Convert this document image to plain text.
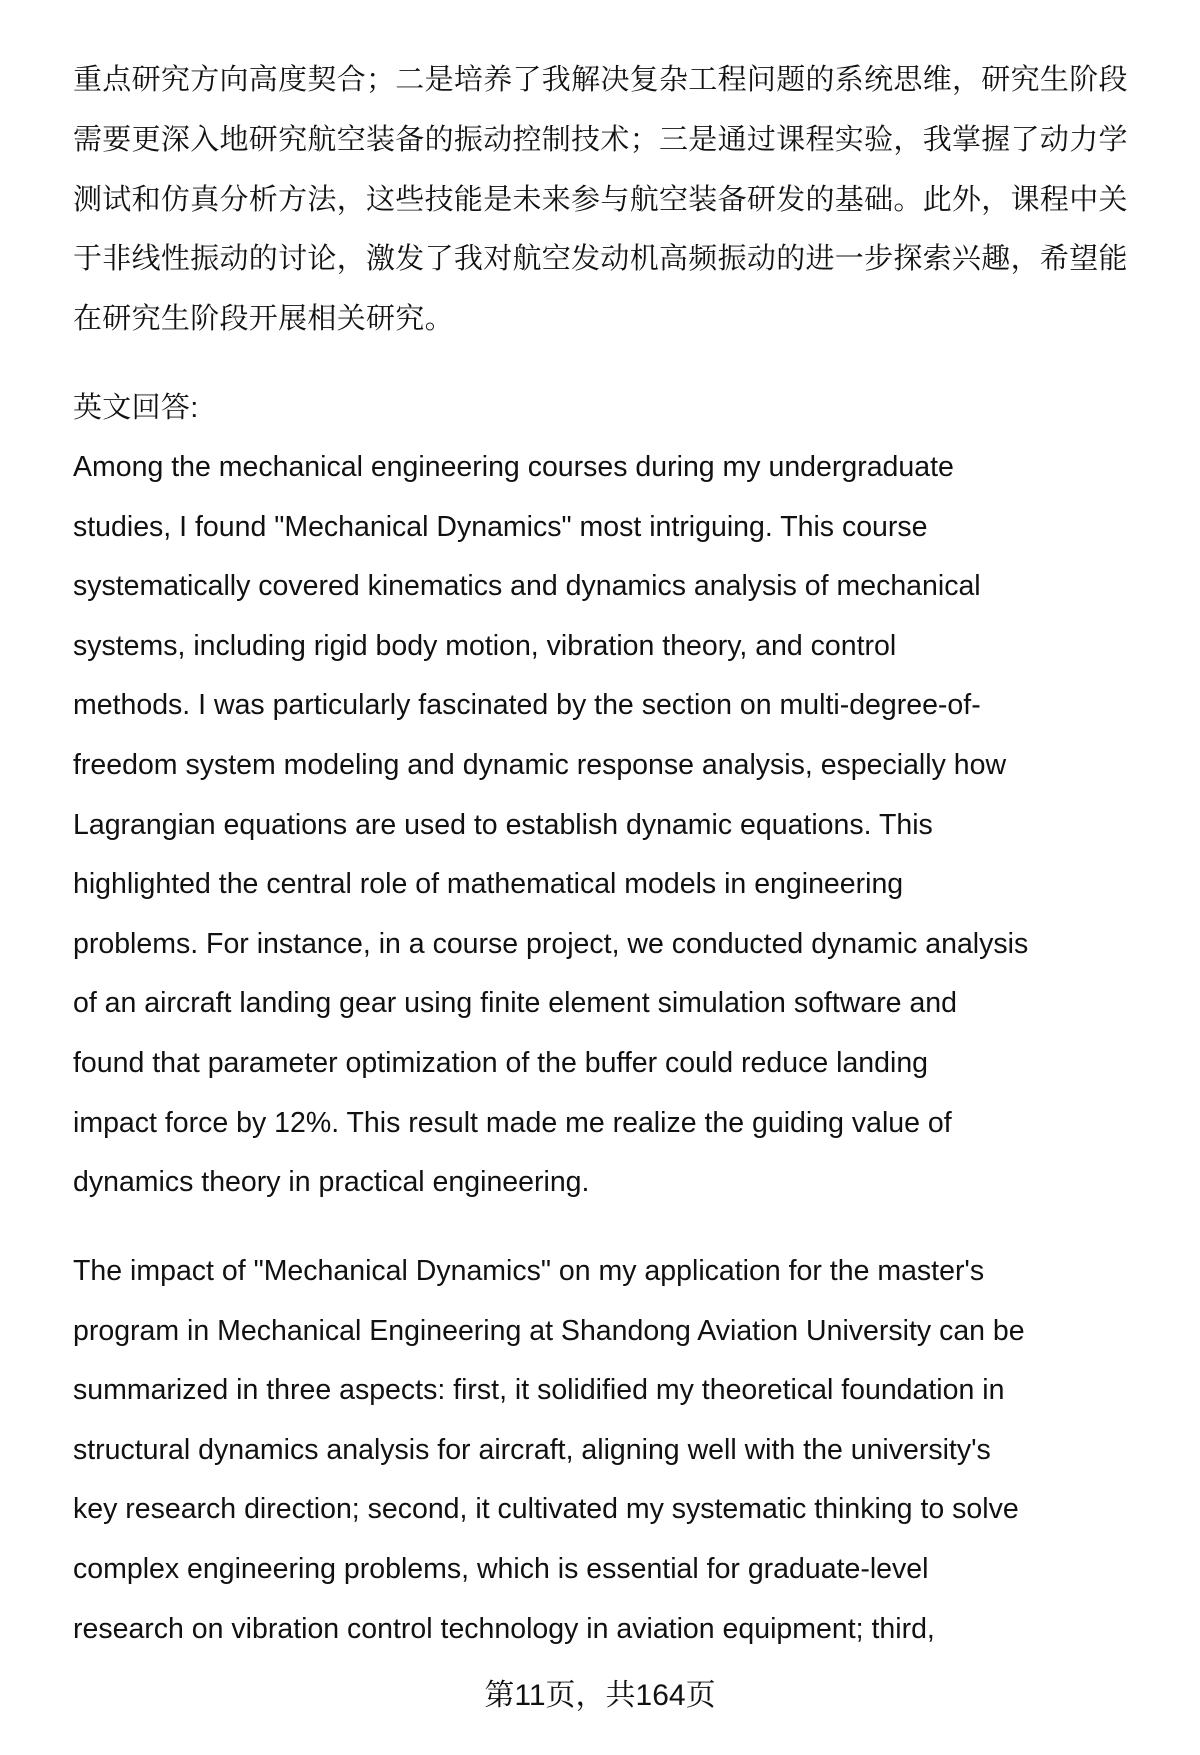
重点研究方向高度契合；二是培养了我解决复杂工程问题的系统思维，研究生阶段
需要更深入地研究航空装备的振动控制技术；三是通过课程实验，我掌握了动力学
测试和仿真分析方法，这些技能是未来参与航空装备研发的基础。此外，课程中关
于非线性振动的讨论，激发了我对航空发动机高频振动的进一步探索兴趣，希望能
在研究生阶段开展相关研究。
英文回答:
Among the mechanical engineering courses during my undergraduate
studies, I found "Mechanical Dynamics" most intriguing. This course
systematically covered kinematics and dynamics analysis of mechanical
systems, including rigid body motion, vibration theory, and control
methods. I was particularly fascinated by the section on multi-degree-of-
freedom system modeling and dynamic response analysis, especially how
Lagrangian equations are used to establish dynamic equations. This
highlighted the central role of mathematical models in engineering
problems. For instance, in a course project, we conducted dynamic analysis
of an aircraft landing gear using finite element simulation software and
found that parameter optimization of the buffer could reduce landing
impact force by 12%. This result made me realize the guiding value of
dynamics theory in practical engineering.
The impact of "Mechanical Dynamics" on my application for the master's
program in Mechanical Engineering at Shandong Aviation University can be
summarized in three aspects: first, it solidified my theoretical foundation in
structural dynamics analysis for aircraft, aligning well with the university's
key research direction; second, it cultivated my systematic thinking to solve
complex engineering problems, which is essential for graduate-level
research on vibration control technology in aviation equipment; third,
第11页，共164页
